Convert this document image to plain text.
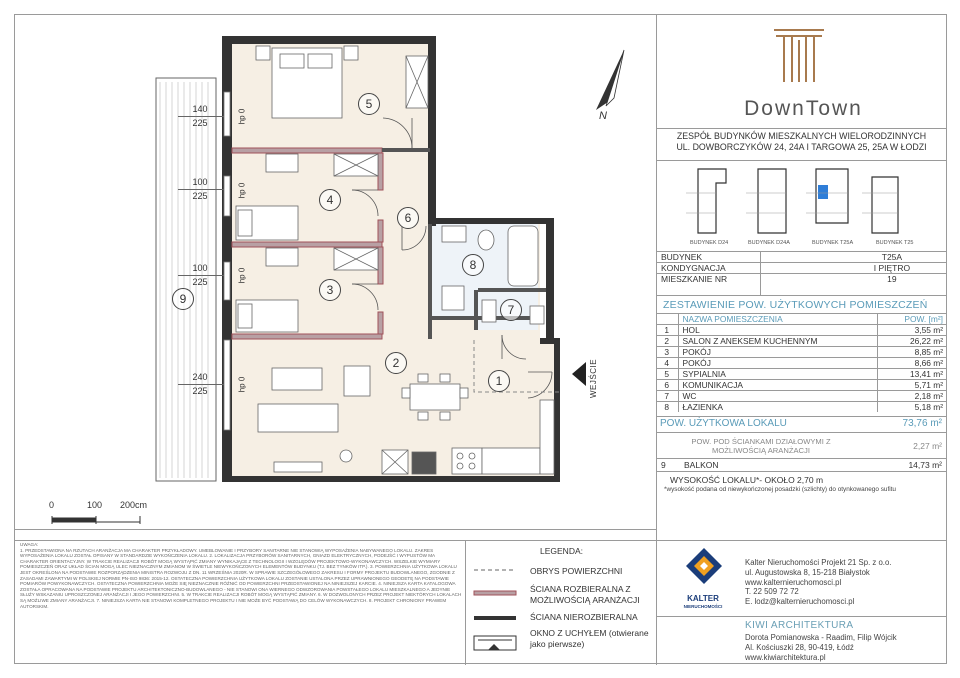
1
2
3
4
5
6
7
8
9
140
225
100
225
100
225
240
225
hp 0
hp 0
hp 0
hp 0	WEJŚCIE
N
0	100 200cm
DownTown
ZESPÓŁ BUDYNKÓW MIESZKALNYCH WIELORODZINNYCH
UL. DOWBORCZYKÓW 24, 24A I TARGOWA 25, 25A W ŁODZI
BUDYNEK D24	BUDYNEK D24A	BUDYNEK T25A	BUDYNEK T25
BUDYNEK	T25A
KONDYGNACJA	I PIĘTRO
MIESZKANIE NR	19
ZESTAWIENIE POW. UŻYTKOWYCH POMIESZCZEŃ
	NAZWA POMIESZCZENIA	POW. [m²]
1	HOL	3,55 m²
2	SALON Z ANEKSEM KUCHENNYM	26,22 m²
3	POKÓJ	8,85 m²
4	POKÓJ	8,66 m²
5	SYPIALNIA	13,41 m²
6	KOMUNIKACJA	5,71 m²
7	WC	2,18 m²
8	ŁAZIENKA	5,18 m²
POW. UŻYTKOWA LOKALU	73,76 m²
POW. POD ŚCIANKAMI DZIAŁOWYMI Z MOŻLIWOŚCIĄ ARANŻACJI	2,27 m²
9 BALKON	14,73 m²
WYSOKOŚĆ LOKALU*- OKOŁO 2,70 m
*wysokość podana od niewykończonej posadzki (szlichty) do otynkowanego sufitu
UWAGA:
1. PRZEDSTAWIONA NA RZUTACH ARANŻACJA MA CHARAKTER PRZYKŁADOWY. UMEBLOWANIE I PRZYBORY SANITARNE NIE STANOWIĄ WYPOSAŻENIA NABYWANEGO LOKALU. ZAKRES WYPOSAŻENIA LOKALU ZOSTAŁ OPISANY W STANDARDZIE WYKOŃCZENIA LOKALU. 2. LOKALIZACJA PRZYBORÓW SANITARNYCH, GNIAZD ELEKTRYCZNYCH, PODEJŚĆ I WYPUSTÓW MA CHARAKTER ORIENTACYJNY. W TRAKCIE REALIZACJI ROBÓT MOGĄ WYSTĄPIĆ ZMIANY WYNIKAJĄCE Z TECHNOLOGII I WZGLĘDÓW PROJEKTOWO-WYKONAWCZYCH. WSZELKIE WYMIARY POMIESZCZEŃ ORAZ UKŁAD ŚCIAN MOGĄ ULEC NIEZNACZNYM ZMIANOM W ŚWIETLE NIEWYKOŃCZONYCH ELEMENTÓW BUDYNKU (TJ. BEZ TYNKÓW ITP.). 3. POWIERZCHNIA UŻYTKOWA LOKALU JEST OKREŚLONA NA PODSTAWIE ROZPORZĄDZENIA MINISTRA ROZWOJU Z DN. 11 WRZEŚNIA 2020R. W SPRAWIE SZCZEGÓŁOWEGO ZAKRESU I FORMY PROJEKTU BUDOWLANEGO, ZGODNIE Z ZASADAMI ZAWARTYMI W POLSKIEJ NORMIE PN-ISO 9836: 2015-12. OSTATECZNA POWIERZCHNIA UŻYTKOWA LOKALU ZOSTANIE USTALONA PRZEZ UPRAWNIONEGO GEODETĘ NA PODSTAWIE POMIARÓW POWYKONAWCZYCH. OSTATECZNA POWIERZCHNIA MOŻE SIĘ NIEZNACZNIE RÓŻNIĆ OD POWIERZCHNI PRZEDSTAWIONEJ NA NINIEJSZEJ KARCIE. 4. NINIEJSZA KARTA KATALOGOWA ZOSTAŁA OPRACOWANA NA PODSTAWIE PROJEKTU ARCHITEKTONICZNO-BUDOWLANEGO - NIE STANOWI ONA WIERNEGO ODWZOROWANIA POWSTAŁEGO LOKALU MIESZKALNEGO A JEDYNIE SŁUŻY WSKAZANIU UPROSZCZONEJ ARANŻACJI I JEGO POWIERZCHNI. 5. W TRAKCIE REALIZACJI ROBÓT MOGĄ WYSTĄPIĆ ZMIANY. 6. W DOZWOLONYCH PRZEZ PROJEKT NIEKTÓRYCH LOKALACH SĄ MOŻLIWE ZMIANY ARANŻACJI. 7. NINIEJSZA KARTA NIE STANOWI KOMPLETNEGO PROJEKTU I NIE MOŻE BYĆ PODSTAWĄ DO CELÓW WYKONAWCZYCH. 8. PROJEKT CHRONIONY PRAWEM AUTORSKIM.
LEGENDA:
OBRYS POWIERZCHNI
ŚCIANA ROZBIERALNA Z MOŻLIWOŚCIĄ ARANŻACJI
ŚCIANA NIEROZBIERALNA
OKNO Z UCHYŁEM (otwierane jako pierwsze)
KALTER
NIERUCHOMOŚCI
Kalter Nieruchomości Projekt 21 Sp. z o.o.
ul. Augustowska 8, 15-218 Białystok
www.kalternieruchomosci.pl
T. 22 509 72 72
E. lodz@kalternieruchomosci.pl
KIWI ARCHITEKTURA
Dorota Pomianowska - Raadim, Filip Wójcik
Al. Kościuszki 28, 90-419, Łódź
www.kiwiarchitektura.pl
